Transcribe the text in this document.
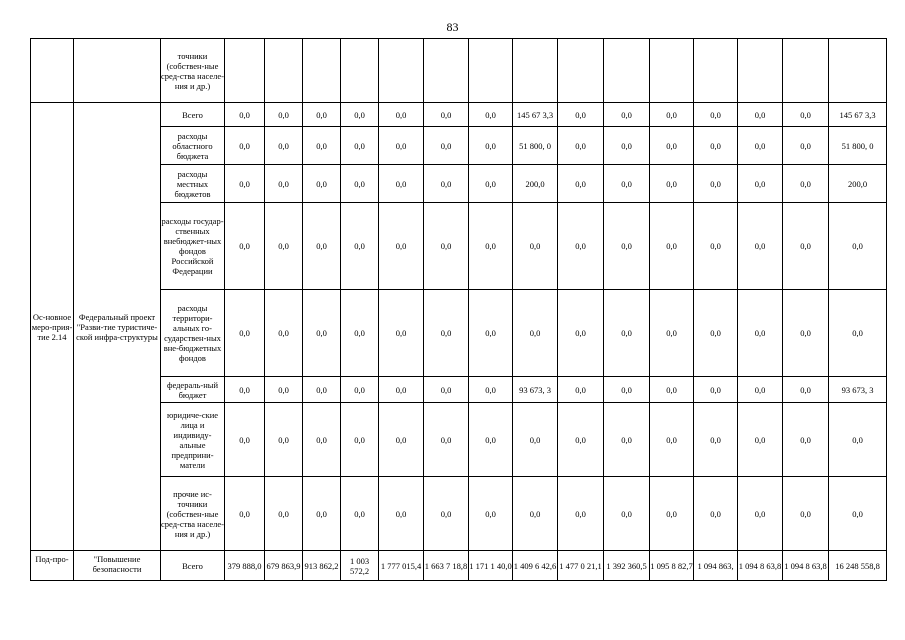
83
		точники (собствен-ные сред-ства населе-ния и др.)															
Ос-новное меро-прия-тие 2.14	Федеральный проект "Разви-тие туристиче-ской инфра-структуры	Всего	0,0	0,0	0,0	0,0	0,0	0,0	0,0	145 67 3,3	0,0	0,0	0,0	0,0	0,0	0,0	145 67 3,3
		расходы областного бюджета	0,0	0,0	0,0	0,0	0,0	0,0	0,0	51 800, 0	0,0	0,0	0,0	0,0	0,0	0,0	51 800, 0
		расходы местных бюджетов	0,0	0,0	0,0	0,0	0,0	0,0	0,0	200,0	0,0	0,0	0,0	0,0	0,0	0,0	200,0
		расходы государ-ственных внебюджет-ных фондов Российской Федерации	0,0	0,0	0,0	0,0	0,0	0,0	0,0	0,0	0,0	0,0	0,0	0,0	0,0	0,0	0,0
		расходы территори-альных го-сударствен-ных вне-бюджетных фондов	0,0	0,0	0,0	0,0	0,0	0,0	0,0	0,0	0,0	0,0	0,0	0,0	0,0	0,0	0,0
		федераль-ный бюджет	0,0	0,0	0,0	0,0	0,0	0,0	0,0	93 673, 3	0,0	0,0	0,0	0,0	0,0	0,0	93 673, 3
		юридиче-ские лица и индивиду-альные предприни-матели	0,0	0,0	0,0	0,0	0,0	0,0	0,0	0,0	0,0	0,0	0,0	0,0	0,0	0,0	0,0
		прочие ис-точники (собствен-ные сред-ства населе-ния и др.)	0,0	0,0	0,0	0,0	0,0	0,0	0,0	0,0	0,0	0,0	0,0	0,0	0,0	0,0	0,0
Под-про-	"Повышение безопасности	Всего	379 888,0	679 863,9	913 862,2	1 003 572,2	1 777 015,4	1 663 7 18,8	1 171 1 40,0	1 409 6 42,6	1 477 0 21,1	1 392 360,5	1 095 8 82,7	1 094 863,	1 094 8 63,8	1 094 8 63,8	16 248 558,8
